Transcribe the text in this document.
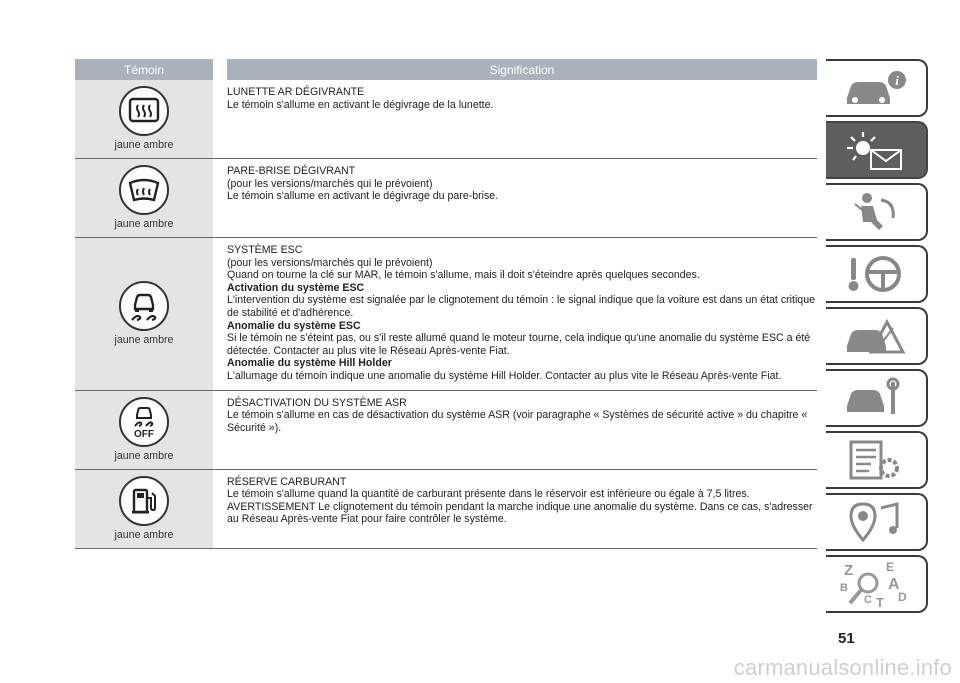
Témoin	Signification
jaune ambre

LUNETTE AR DÉGIVRANTE

Le témoin s'allume en activant le dégivrage de la lunette.

jaune ambre

PARE-BRISE DÉGIVRANT

(pour les versions/marchés qui le prévoient)

Le témoin s'allume en activant le dégivrage du pare-brise.

jaune ambre

SYSTÈME ESC

(pour les versions/marchés qui le prévoient)

Quand on tourne la clé sur MAR, le témoin s'allume, mais il doit s'éteindre après quelques secondes.

Activation du système ESC

L'intervention du système est signalée par le clignotement du témoin : le signal indique que la voiture est dans un état critique de stabilité et d'adhérence.

Anomalie du système ESC

Si le témoin ne s'éteint pas, ou s'il reste allumé quand le moteur tourne, cela indique qu'une anomalie du système ESC a été détectée. Contacter au plus vite le Réseau Après-vente Fiat.

Anomalie du système Hill Holder

L'allumage du témoin indique une anomalie du système Hill Holder. Contacter au plus vite le Réseau Après-vente Fiat.

OFF
jaune ambre

DÉSACTIVATION DU SYSTÈME ASR

Le témoin s'allume en cas de désactivation du système ASR (voir paragraphe « Systèmes de sécurité active » du chapitre « Sécurité »).

jaune ambre

RÉSERVE CARBURANT

Le témoin s'allume quand la quantité de carburant présente dans le réservoir est inférieure ou égale à 7,5 litres.

AVERTISSEMENT Le clignotement du témoin pendant la marche indique une anomalie du système. Dans ce cas, s'adresser au Réseau Après-vente Fiat pour faire contrôler le système.

i
Z	E
A
B
C T D
51
carmanualsonline.info
